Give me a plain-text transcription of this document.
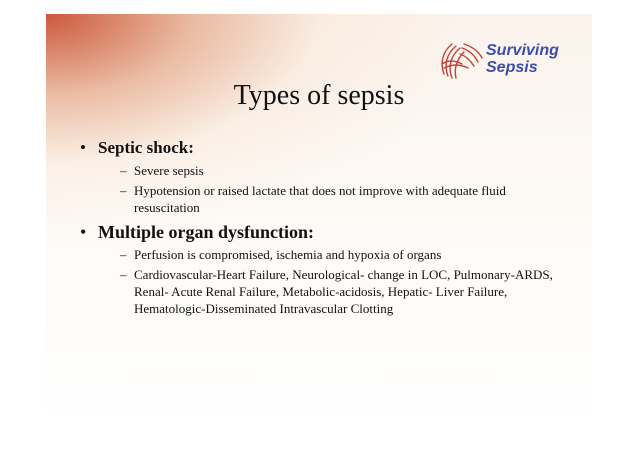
Surviving
Sepsis
Types of sepsis
• Septic shock:
– Severe sepsis
– Hypotension or raised lactate that does not improve with adequate fluid resuscitation
• Multiple organ dysfunction:
– Perfusion is compromised, ischemia and hypoxia of organs
– Cardiovascular-Heart Failure, Neurological- change in LOC, Pulmonary-ARDS, Renal- Acute Renal Failure, Metabolic-acidosis, Hepatic- Liver Failure, Hematologic-Disseminated Intravascular Clotting
